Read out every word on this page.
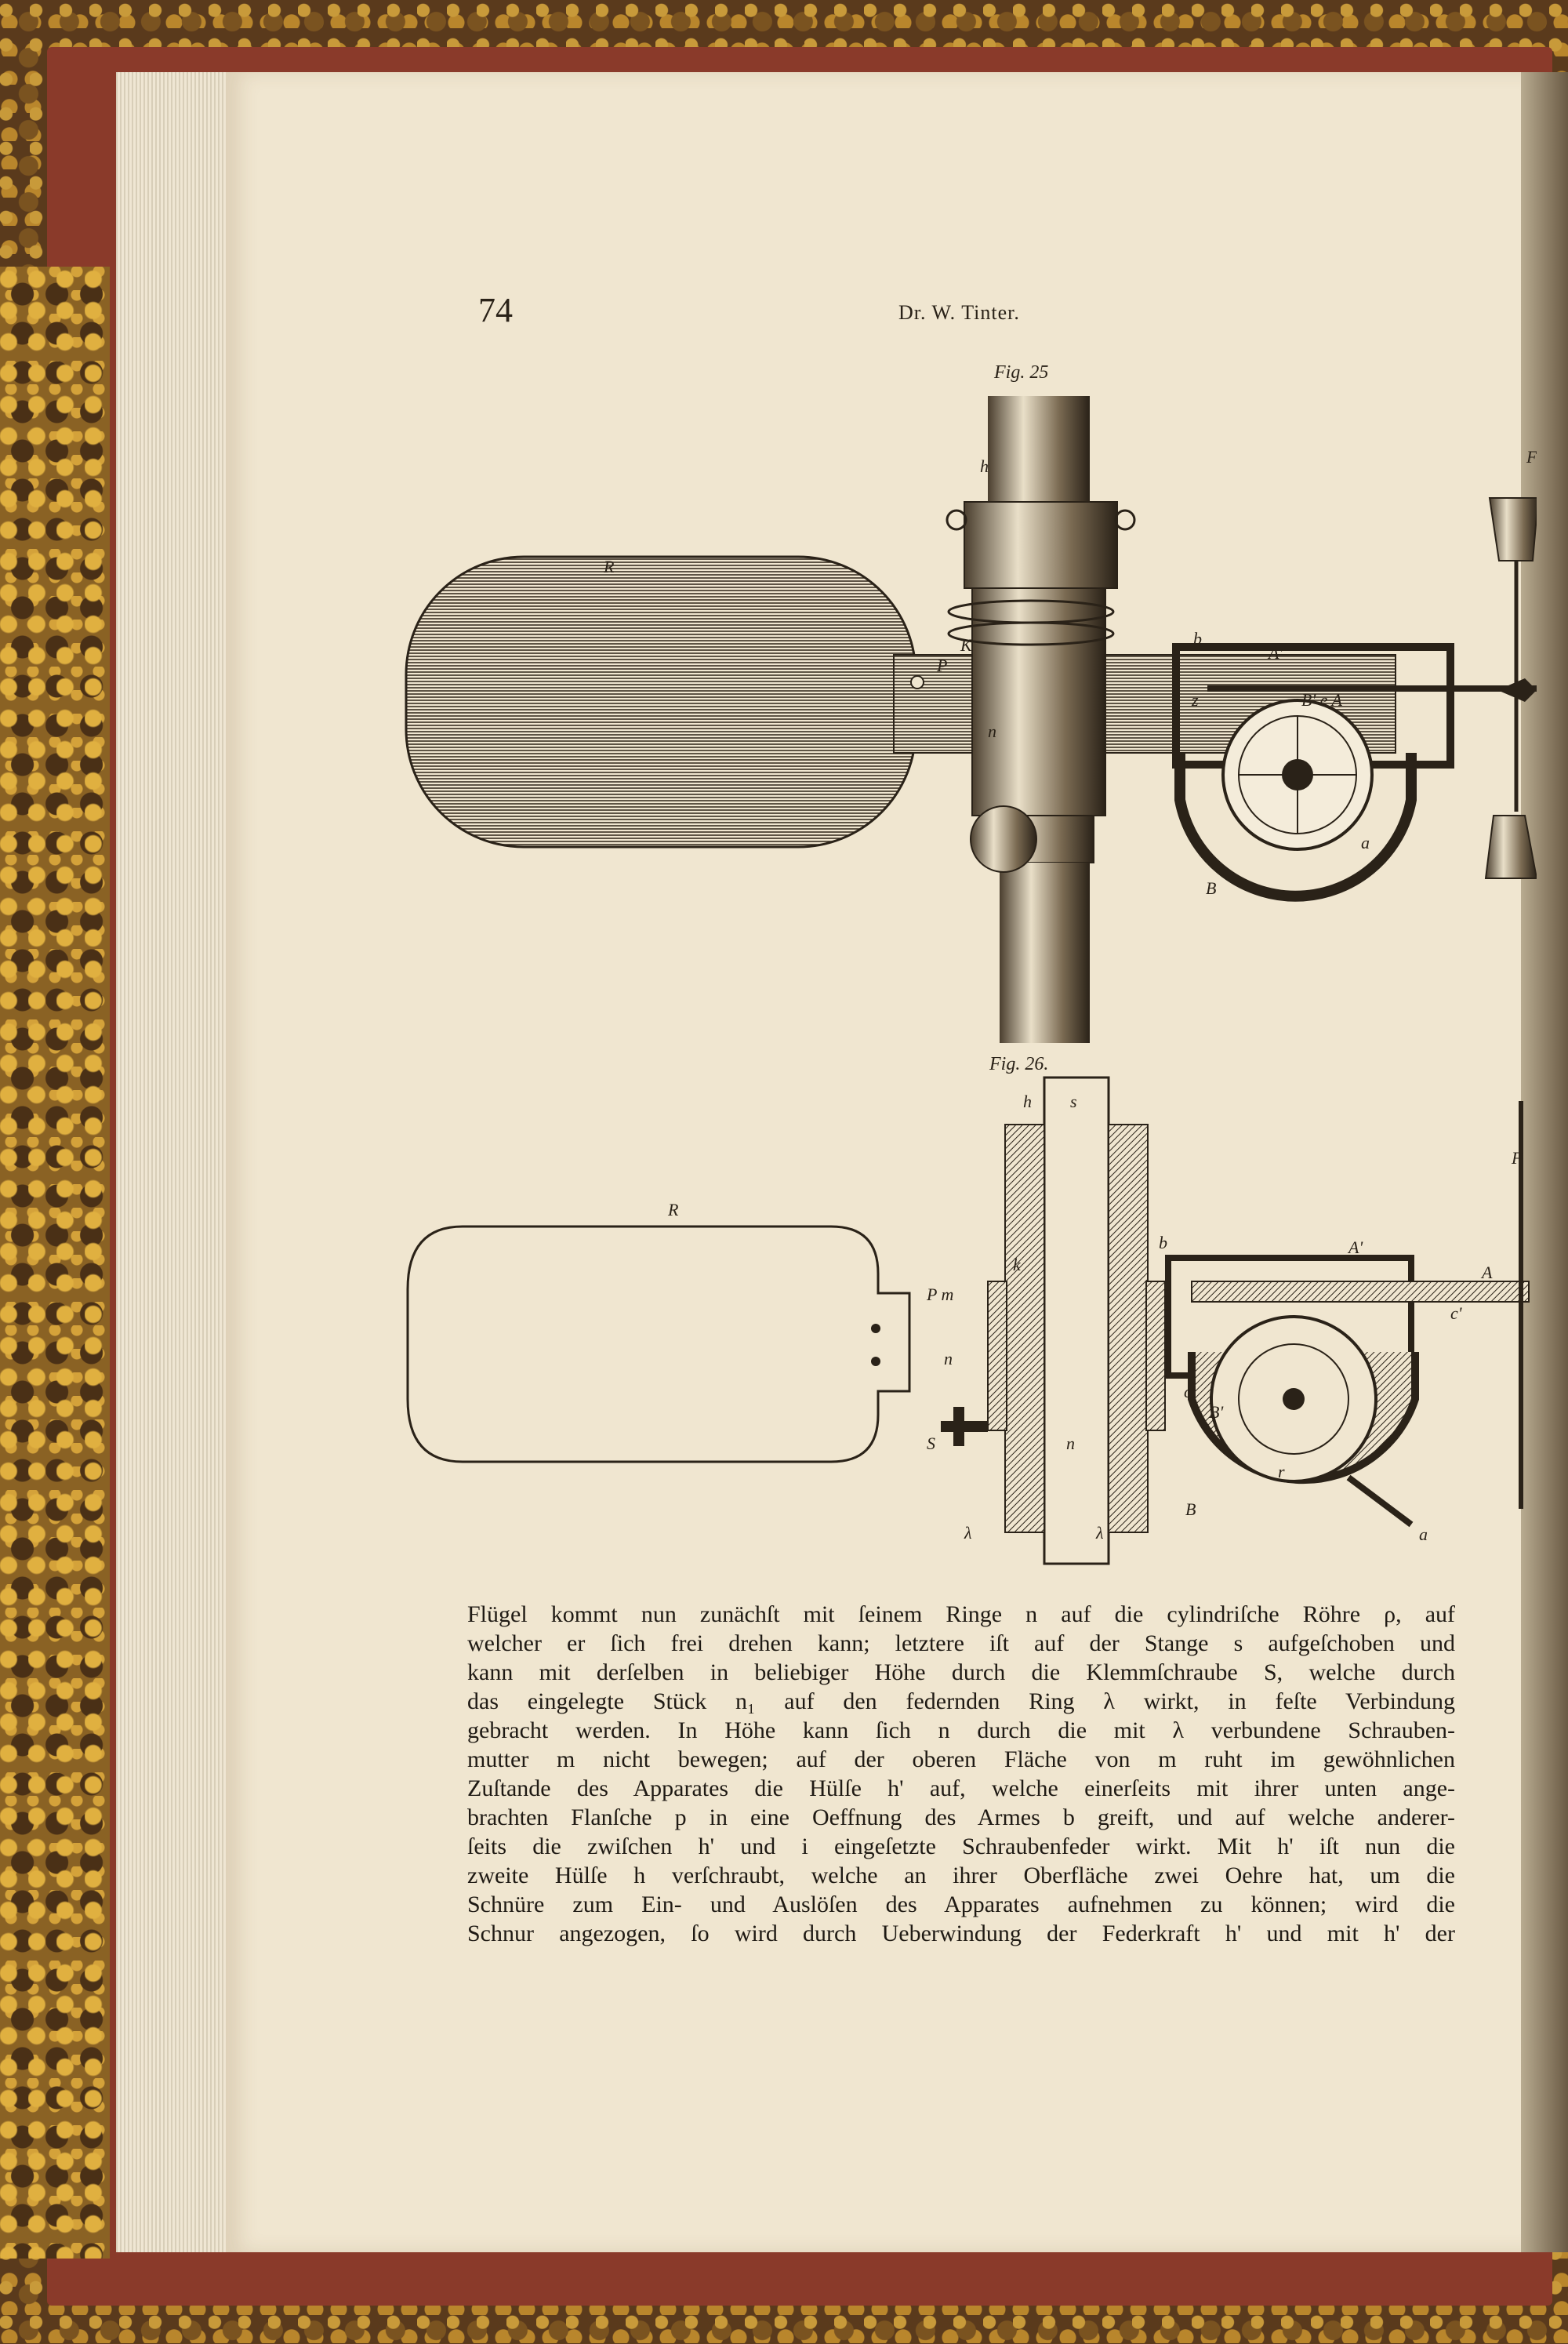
74	Dr. W. Tinter.
Fig. 25
h
R
K
P
b
A'
F
n
z	B' e A
a
B
Fig. 26.
h s
R
k
P m
b	A'
F
A
n
c'
c'
B'
S	n
r
a
B
λ	λ
Flügel kommt nun zunächſt mit ſeinem Ringe n auf die cylindriſche Röhre ρ, auf
welcher er ſich frei drehen kann; letztere iſt auf der Stange s aufgeſchoben und
kann mit derſelben in beliebiger Höhe durch die Klemmſchraube S, welche durch
das eingelegte Stück n₁ auf den federnden Ring λ wirkt, in feſte Verbindung
gebracht werden. In Höhe kann ſich n durch die mit λ verbundene Schrauben-
mutter m nicht bewegen; auf der oberen Fläche von m ruht im gewöhnlichen
Zuſtande des Apparates die Hülſe h' auf, welche einerſeits mit ihrer unten ange-
brachten Flanſche p in eine Oeffnung des Armes b greift, und auf welche anderer-
ſeits die zwiſchen h' und i eingeſetzte Schraubenfeder wirkt. Mit h' iſt nun die
zweite Hülſe h verſchraubt, welche an ihrer Oberfläche zwei Oehre hat, um die
Schnüre zum Ein- und Auslöſen des Apparates aufnehmen zu können; wird die
Schnur angezogen, ſo wird durch Ueberwindung der Federkraft h' und mit h' der
